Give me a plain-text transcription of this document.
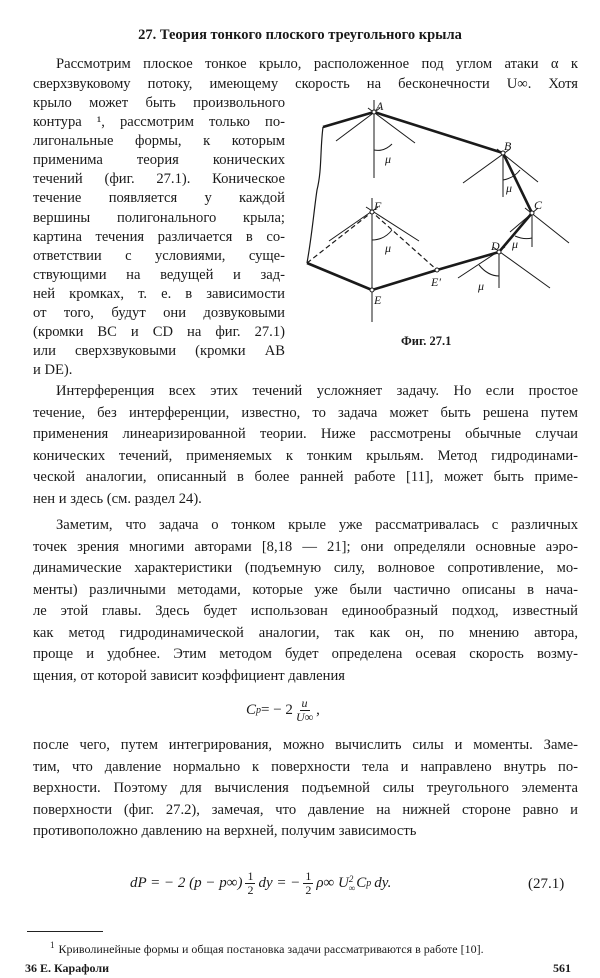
27. Теория тонкого плоского треугольного крыла
Рассмотрим плоское тонкое крыло, расположенное под углом атаки α к
сверхзвуковому потоку, имеющему скорость на бесконечности U∞. Хотя
крыло может быть произвольного
контура ¹, рассмотрим только по-
лигональные формы, к которым
применима теория конических
течений (фиг. 27.1). Коническое
течение появляется у каждой
вершины полигонального крыла;
картина течения различается в со-
ответствии с условиями, суще-
ствующими на ведущей и зад-
ней кромках, т. е. в зависимости
от того, будут они дозвуковыми
(кромки BC и CD на фиг. 27.1)
или сверхзвуковыми (кромки AB
и DE).
A
B
C
D
E′
E
F
μ
μ
μ	μ
μ
Фиг. 27.1
Интерференция всех этих течений усложняет задачу. Но если простое
течение, без интерференции, известно, то задача может быть решена путем
применения линеаризированной теории. Ниже рассмотрены обычные случаи
конических течений, применяемых к тонким крыльям. Метод гидродинами-
ческой аналогии, описанный в более ранней работе [11], может быть приме-
нен и здесь (см. раздел 24).
Заметим, что задача о тонком крыле уже рассматривалась с различных
точек зрения многими авторами [8,18 — 21]; они определяли основные аэро-
динамические характеристики (подъемную силу, волновое сопротивление, мо-
менты) различными методами, которые уже были частично описаны в нача-
ле этой главы. Здесь будет использован единообразный подход, известный
как метод гидродинамической аналогии, так как он, по мнению автора,
проще и удобнее. Этим методом будет определена осевая скорость возму-
щения, от которой зависит коэффициент давления
C p = − $2 \frac{u}{U\infty}$ ,
после чего, путем интегрирования, можно вычислить силы и моменты. Заме-
тим, что давление нормально к поверхности тела и направлено внутрь по-
верхности. Поэтому для вычисления подъемной силы треугольного элемента
поверхности (фиг. 27.2), замечая, что давление на нижней стороне равно и
противоположно давлению на верхней, получим зависимость
dP = − 2 $(p - p\infty) \frac{1}{2}$ dy = − $\frac{1}{2} \rho\infty$ U 2
∞ C p dy.	(27.1)
$^1$ Криволинейные формы и общая постановка задачи рассматриваются в работе [10].
36 Е. Карафоли	561
